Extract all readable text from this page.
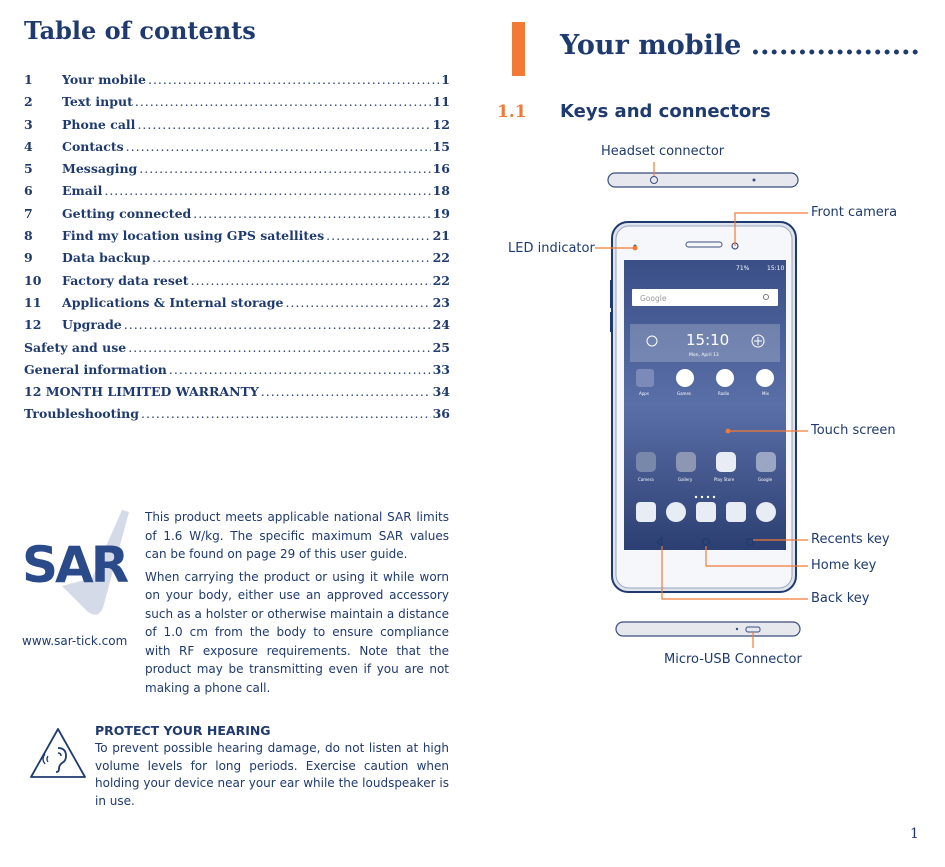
Table of contents
1	Your mobile .....	1
2	Text input .....	11
3	Phone call .....	12
4	Contacts .....	15
5	Messaging .....	16
6	Email .....	18
7	Getting connected .....	19
8	Find my location using GPS satellites .....	21
9	Data backup .....	22
10	Factory data reset .....	22
11	Applications & Internal storage .....	23
12	Upgrade .....	24
Safety and use .....	25
General information .....	33
12 MONTH LIMITED WARRANTY .....	34
Troubleshooting .....	36
SAR
www.sar-tick.com

This product meets applicable national SAR limits of 1.6 W/kg. The specific maximum SAR values can be found on page 29 of this user guide.

When carrying the product or using it while worn on your body, either use an approved accessory such as a holster or otherwise maintain a distance of 1.0 cm from the body to ensure compliance with RF exposure requirements. Note that the product may be transmitting even if you are not making a phone call.

PROTECT YOUR HEARING
To prevent possible hearing damage, do not listen at high volume levels for long periods. Exercise caution when holding your device near your ear while the loudspeaker is in use.
Your mobile ..................
1.1 Keys and connectors
71%	15:10
Google
15:10
Mon, April 13
Apps	Games	Radio	Mix
Camera	Gallery	Play Store	Google
Headset connector
Front camera
LED indicator
Touch screen
Recents key
Home key
Back key
Micro-USB Connector
1
